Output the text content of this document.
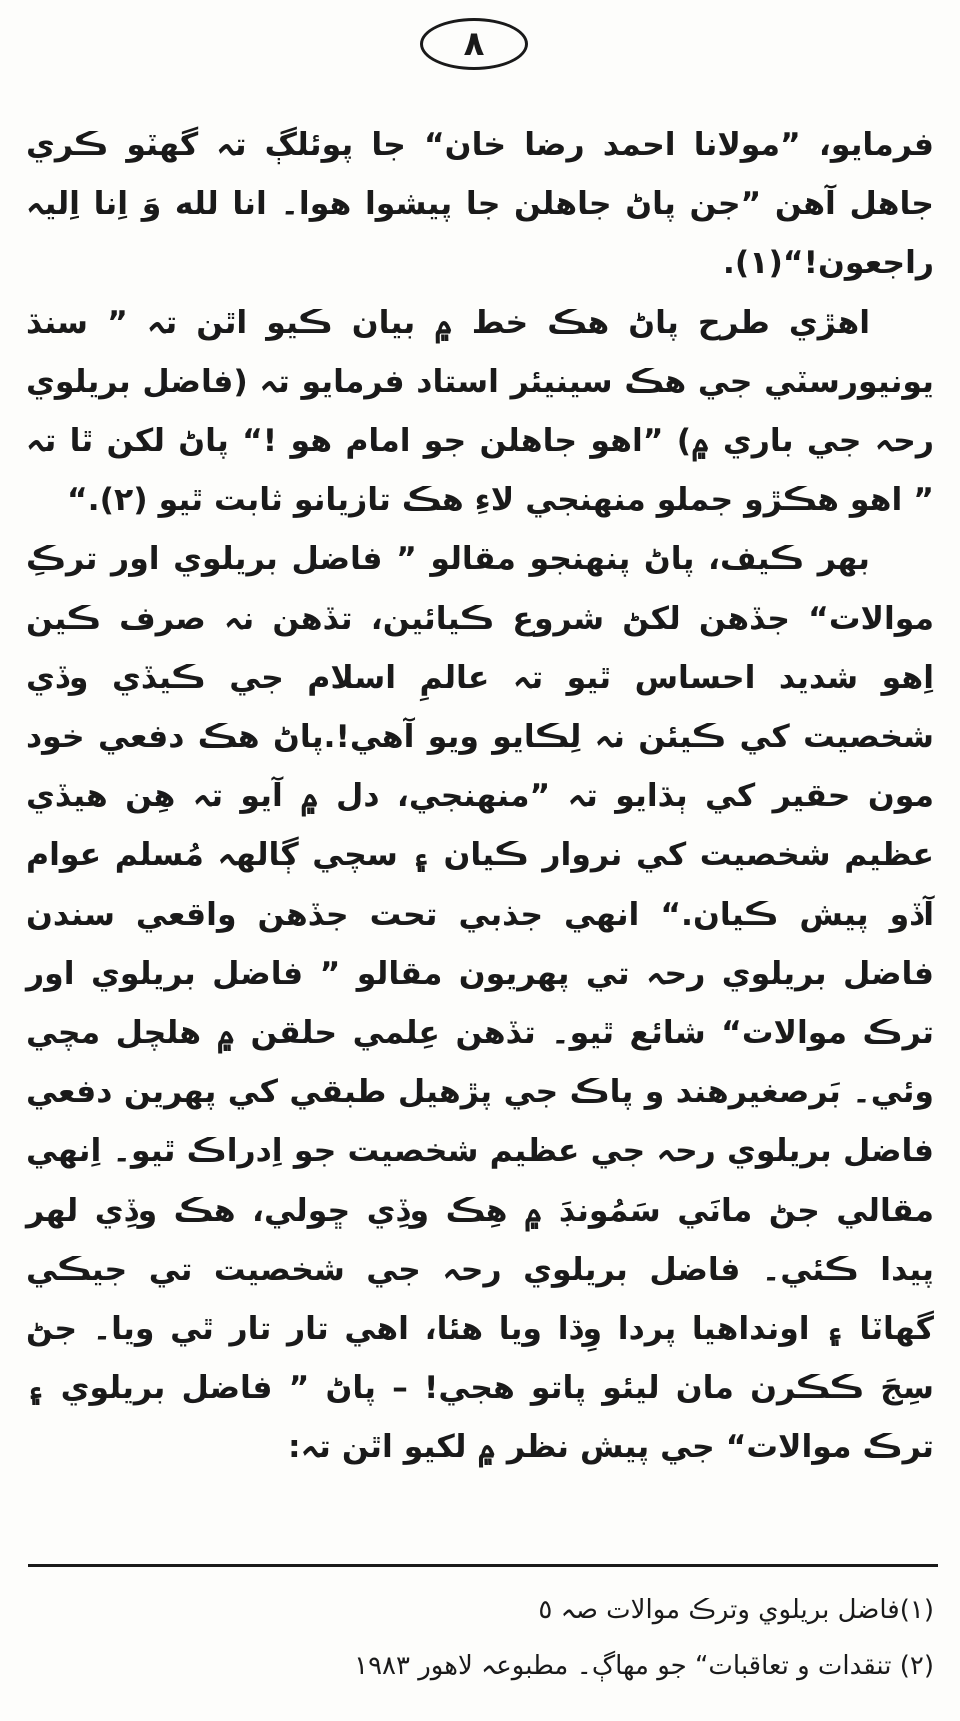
٨

فرمايو، ”مولانا احمد رضا خان“ جا پوئلڳ تہ گھٽو ڪري جاهل آهن ”جن پاڻ جاهلن جا پيشوا هوا۔ انا لله وَ اِنا اِليہ راجعون!“(١).

اهڙي طرح پاڻ هڪ خط ۾ بيان ڪيو اٿن تہ ” سنڌ يونيورسٽي جي هڪ سينيئر استاد فرمايو تہ (فاضل بريلوي رحہ جي باري ۾) ”اهو جاهلن جو امام هو !“ پاڻ لکن ٿا تہ ” اهو هڪڙو جملو منهنجي لاءِ هڪ تازيانو ثابت ٿيو (٢).“

بهر ڪيف، پاڻ پنهنجو مقالو ” فاضل بريلوي اور ترڪِ موالات“ جڏهن لکڻ شروع ڪيائين، تڏهن نہ صرف ڪين اِهو شديد احساس ٿيو تہ عالمِ اسلام جي ڪيڏي وڏي شخصيت کي ڪيئن نہ لِڪايو ويو آهي!.پاڻ هڪ دفعي خود مون حقير کي ٻڌايو تہ ”منهنجي، دل ۾ آيو تہ هِن هيڏي عظيم شخصيت کي نروار ڪيان ۽ سچي ڳالهہ مُسلم عوام آڏو پيش ڪيان.“ انهي جذبي تحت جڏهن واقعي سندن فاضل بريلوي رحہ تي پهريون مقالو ” فاضل بريلوي اور ترڪ موالات“ شائع ٿيو۔ تڏهن عِلمي حلقن ۾ هلچل مچي وئي۔ بَرصغيرهند و پاڪ جي پڙهيل طبقي کي پهرين دفعي فاضل بريلوي رحہ جي عظيم شخصيت جو اِدراڪ ٿيو۔ اِنهي مقالي جڻ مانَي سَمُونڊَ ۾ هِڪ وڏِي ڇولي، هڪ وڏِي لهر پيدا ڪئي۔ فاضل بريلوي رحہ جي شخصيت تي جيڪي گهاٽا ۽ اونداهيا پردا وِڌا ويا هئا، اهي تار تار ٿي ويا۔ جڻ سِجَ ڪڪرن مان ليئو پاتو هجي! – پاڻ ” فاضل بريلوي ۽ ترڪ موالات“ جي پيش نظر ۾ لکيو اٿن تہ:

(١)فاضل بريلوي وترڪ موالات صہ ٥

(٢) تنقدات و تعاقبات“ جو مهاڳ۔ مطبوعہ لاهور ١٩٨٣
